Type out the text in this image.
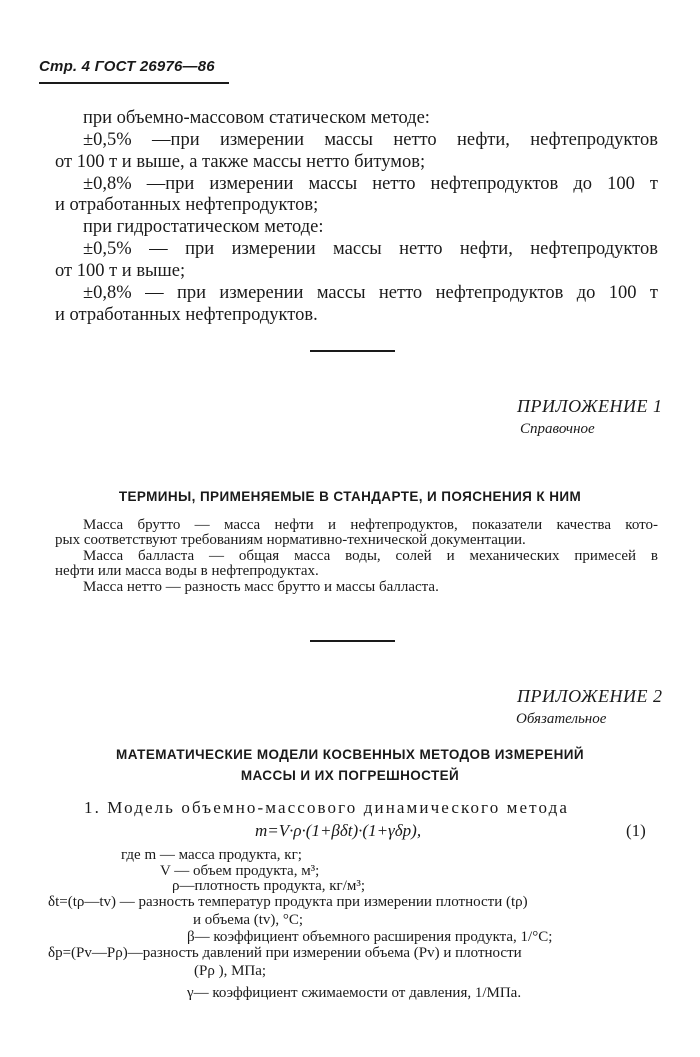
Стр. 4 ГОСТ 26976—86
при объемно-массовом статическом методе:
±0,5% —при измерении массы нетто нефти, нефтепродуктов
от 100 т и выше, а также массы нетто битумов;
±0,8% —при измерении массы нетто нефтепродуктов до 100 т
и отработанных нефтепродуктов;
при гидростатическом методе:
±0,5% — при измерении массы нетто нефти, нефтепродуктов
от 100 т и выше;
±0,8% — при измерении массы нетто нефтепродуктов до 100 т
и отработанных нефтепродуктов.
ПРИЛОЖЕНИЕ 1
Справочное
ТЕРМИНЫ, ПРИМЕНЯЕМЫЕ В СТАНДАРТЕ, И ПОЯСНЕНИЯ К НИМ
Масса брутто — масса нефти и нефтепродуктов, показатели качества кото-
рых соответствуют требованиям нормативно-технической документации.
Масса балласта — общая масса воды, солей и механических примесей в
нефти или масса воды в нефтепродуктах.
Масса нетто — разность масс брутто и массы балласта.
ПРИЛОЖЕНИЕ 2
Обязательное
МАТЕМАТИЧЕСКИЕ МОДЕЛИ КОСВЕННЫХ МЕТОДОВ ИЗМЕРЕНИЙ
МАССЫ И ИХ ПОГРЕШНОСТЕЙ
1. Модель объемно-массового динамического метода
m=V·ρ·(1+βδt)·(1+γδp),	(1)
где m — масса продукта, кг;
V — объем продукта, м³;
ρ—плотность продукта, кг/м³;
δt=(tρ—tv) — разность температур продукта при измерении плотности (tρ)
и объема (tv), °С;
β— коэффициент объемного расширения продукта, 1/°С;
δp=(Pv—Pρ)—разность давлений при измерении объема (Pv) и плотности
(Pρ ), МПа;
γ— коэффициент сжимаемости от давления, 1/МПа.
